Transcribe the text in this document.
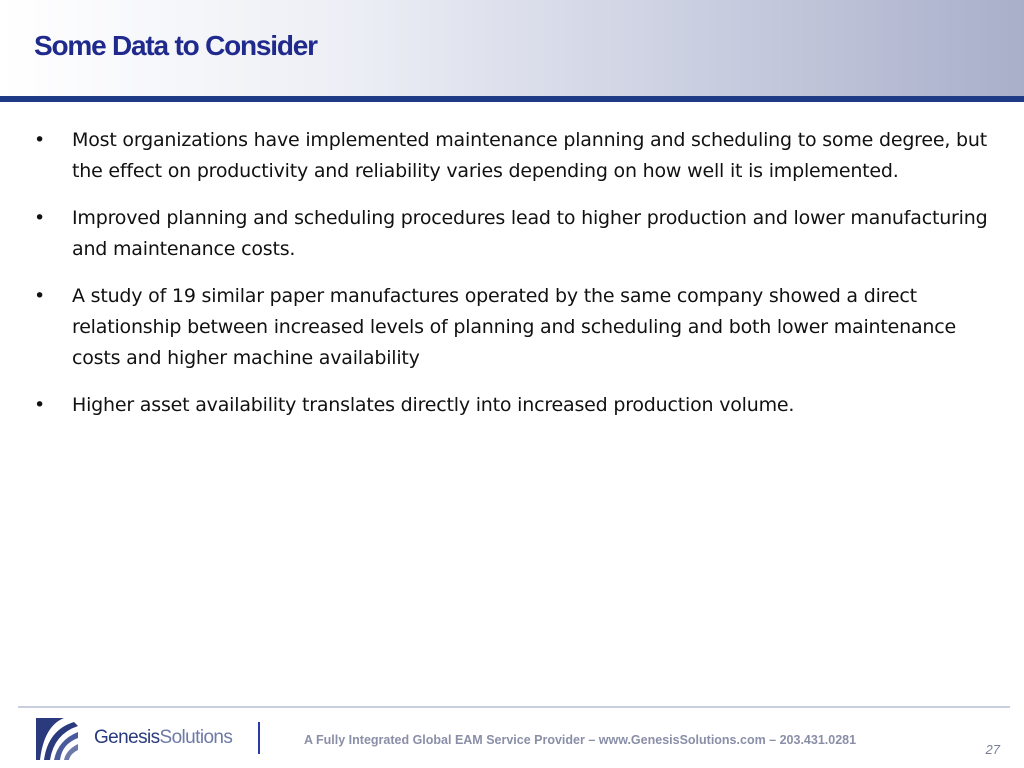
Some Data to Consider
• Most organizations have implemented maintenance planning and scheduling to some degree, but the effect on productivity and reliability varies depending on how well it is implemented.
• Improved planning and scheduling procedures lead to higher production and lower manufacturing and maintenance costs.
• A study of 19 similar paper manufactures operated by the same company showed a direct relationship between increased levels of planning and scheduling and both lower maintenance costs and higher machine availability
• Higher asset availability translates directly into increased production volume.
GenesisSolutions	A Fully Integrated Global EAM Service Provider – www.GenesisSolutions.com – 203.431.0281
27
